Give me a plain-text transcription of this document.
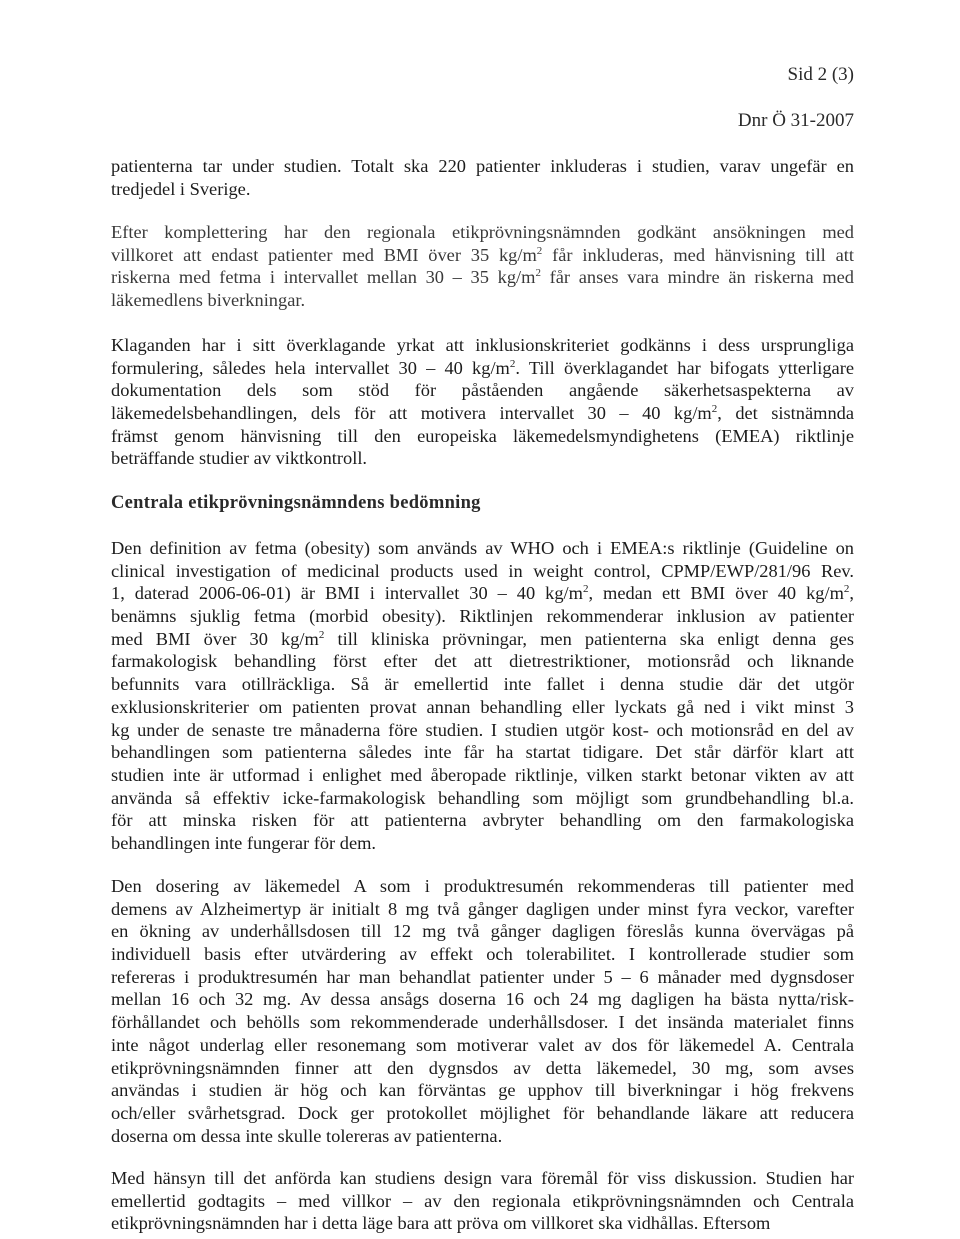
Sid 2 (3)
Dnr Ö 31-2007
patienterna tar under studien. Totalt ska 220 patienter inkluderas i studien, varav ungefär en
tredjedel i Sverige.
Efter komplettering har den regionala etikprövningsnämnden godkänt ansökningen med
villkoret att endast patienter med BMI över 35 $kg/m^2$ får inkluderas, med hänvisning till att
riskerna med fetma i intervallet mellan 30 – 35 $kg/m^2$ får anses vara mindre än riskerna med
läkemedlens biverkningar.
Klaganden har i sitt överklagande yrkat att inklusionskriteriet godkänns i dess ursprungliga
formulering, således hela intervallet 30 – 40 $kg/m^2$. Till överklagandet har bifogats ytterligare
dokumentation dels som stöd för påståenden angående säkerhetsaspekterna av
läkemedelsbehandlingen, dels för att motivera intervallet 30 – 40 $kg/m^2$, det sistnämnda
främst genom hänvisning till den europeiska läkemedelsmyndighetens (EMEA) riktlinje
beträffande studier av viktkontroll.
Centrala etikprövningsnämndens bedömning
Den definition av fetma (obesity) som används av WHO och i EMEA:s riktlinje (Guideline on
clinical investigation of medicinal products used in weight control, CPMP/EWP/281/96 Rev.
1, daterad 2006-06-01) är BMI i intervallet 30 – 40 $kg/m^2$, medan ett BMI över 40 $kg/m^2$,
benämns sjuklig fetma (morbid obesity). Riktlinjen rekommenderar inklusion av patienter
med BMI över 30 $kg/m^2$ till kliniska prövningar, men patienterna ska enligt denna ges
farmakologisk behandling först efter det att dietrestriktioner, motionsråd och liknande
befunnits vara otillräckliga. Så är emellertid inte fallet i denna studie där det utgör
exklusionskriterier om patienten provat annan behandling eller lyckats gå ned i vikt minst 3
kg under de senaste tre månaderna före studien. I studien utgör kost- och motionsråd en del av
behandlingen som patienterna således inte får ha startat tidigare. Det står därför klart att
studien inte är utformad i enlighet med åberopade riktlinje, vilken starkt betonar vikten av att
använda så effektiv icke-farmakologisk behandling som möjligt som grundbehandling bl.a.
för att minska risken för att patienterna avbryter behandling om den farmakologiska
behandlingen inte fungerar för dem.
Den dosering av läkemedel A som i produktresumén rekommenderas till patienter med
demens av Alzheimertyp är initialt 8 mg två gånger dagligen under minst fyra veckor, varefter
en ökning av underhållsdosen till 12 mg två gånger dagligen föreslås kunna övervägas på
individuell basis efter utvärdering av effekt och tolerabilitet. I kontrollerade studier som
refereras i produktresumén har man behandlat patienter under 5 – 6 månader med dygnsdoser
mellan 16 och 32 mg. Av dessa ansågs doserna 16 och 24 mg dagligen ha bästa nytta/risk-
förhållandet och behölls som rekommenderade underhållsdoser. I det insända materialet finns
inte något underlag eller resonemang som motiverar valet av dos för läkemedel A. Centrala
etikprövningsnämnden finner att den dygnsdos av detta läkemedel, 30 mg, som avses
användas i studien är hög och kan förväntas ge upphov till biverkningar i hög frekvens
och/eller svårhetsgrad. Dock ger protokollet möjlighet för behandlande läkare att reducera
doserna om dessa inte skulle tolereras av patienterna.
Med hänsyn till det anförda kan studiens design vara föremål för viss diskussion. Studien har
emellertid godtagits – med villkor – av den regionala etikprövningsnämnden och Centrala
etikprövningsnämnden har i detta läge bara att pröva om villkoret ska vidhållas. Eftersom
